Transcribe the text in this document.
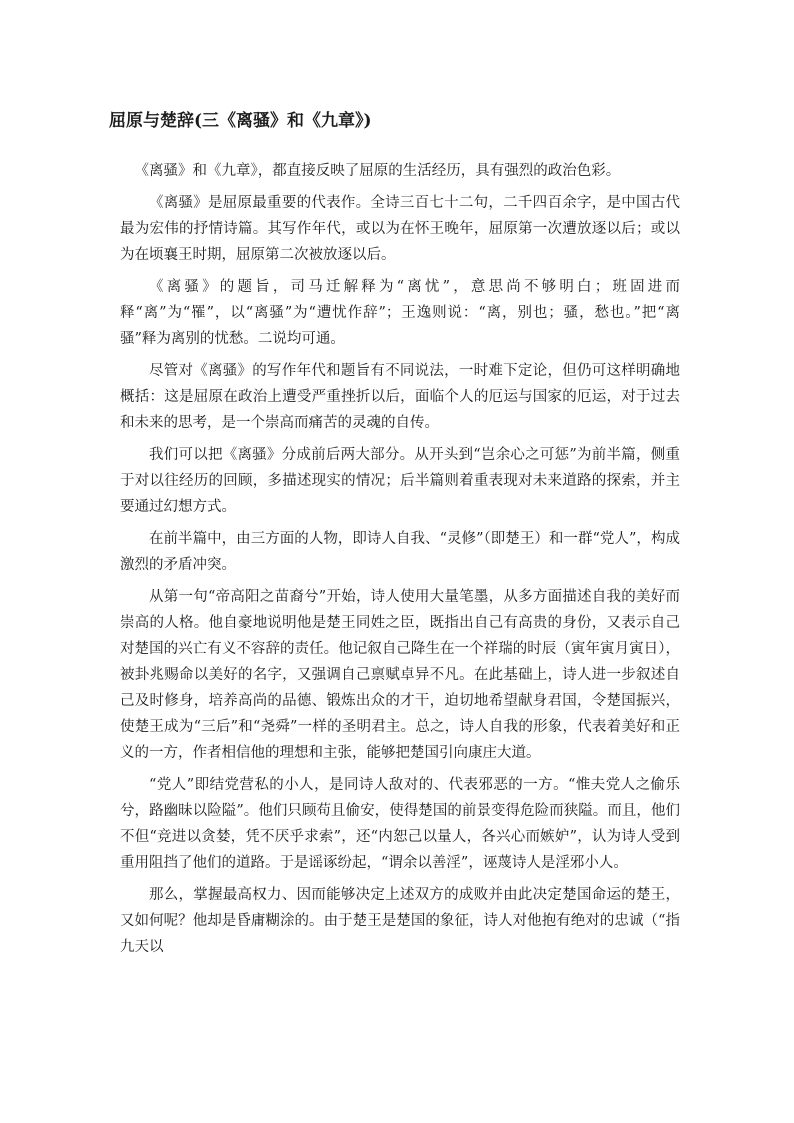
屈原与楚辞(三《离骚》和《九章》)

《离骚》和《九章》，都直接反映了屈原的生活经历，具有强烈的政治色彩。

《离骚》是屈原最重要的代表作。全诗三百七十二句，二千四百余字，是中国古代最为宏伟的抒情诗篇。其写作年代，或以为在怀王晚年，屈原第一次遭放逐以后；或以为在顷襄王时期，屈原第二次被放逐以后。

《离骚》的题旨，司马迁解释为“离忧”，意思尚不够明白；班固进而释“离”为“罹”，以“离骚”为“遭忧作辞”；王逸则说：“离，别也；骚，愁也。”把“离骚”释为离别的忧愁。二说均可通。

尽管对《离骚》的写作年代和题旨有不同说法，一时难下定论，但仍可这样明确地概括：这是屈原在政治上遭受严重挫折以后，面临个人的厄运与国家的厄运，对于过去和未来的思考，是一个崇高而痛苦的灵魂的自传。

我们可以把《离骚》分成前后两大部分。从开头到“岂余心之可惩”为前半篇，侧重于对以往经历的回顾，多描述现实的情况；后半篇则着重表现对未来道路的探索，并主要通过幻想方式。

在前半篇中，由三方面的人物，即诗人自我、“灵修”（即楚王）和一群“党人”，构成激烈的矛盾冲突。

从第一句“帝高阳之苗裔兮”开始，诗人使用大量笔墨，从多方面描述自我的美好而崇高的人格。他自豪地说明他是楚王同姓之臣，既指出自己有高贵的身份，又表示自己对楚国的兴亡有义不容辞的责任。他记叙自己降生在一个祥瑞的时辰（寅年寅月寅日），被卦兆赐命以美好的名字，又强调自己禀赋卓异不凡。在此基础上，诗人进一步叙述自己及时修身，培养高尚的品德、锻炼出众的才干，迫切地希望献身君国，令楚国振兴，使楚王成为“三后”和“尧舜”一样的圣明君主。总之，诗人自我的形象，代表着美好和正义的一方，作者相信他的理想和主张，能够把楚国引向康庄大道。

“党人”即结党营私的小人，是同诗人敌对的、代表邪恶的一方。“惟夫党人之偷乐兮，路幽昧以险隘”。他们只顾苟且偷安，使得楚国的前景变得危险而狭隘。而且，他们不但“竞进以贪婪，凭不厌乎求索”，还“内恕己以量人，各兴心而嫉妒”，认为诗人受到重用阻挡了他们的道路。于是谣诼纷起，“谓余以善淫”，诬蔑诗人是淫邪小人。

那么，掌握最高权力、因而能够决定上述双方的成败并由此决定楚国命运的楚王，又如何呢？他却是昏庸糊涂的。由于楚王是楚国的象征，诗人对他抱有绝对的忠诚（“指九天以
